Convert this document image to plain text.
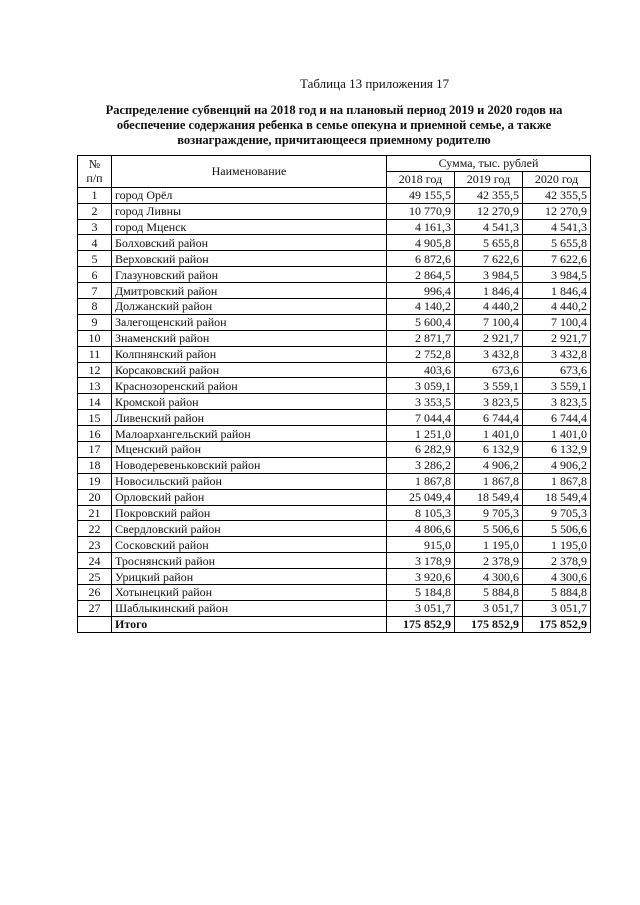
Таблица 13 приложения 17
Распределение субвенций на 2018 год и на плановый период 2019 и 2020 годов на
обеспечение содержания ребенка в семье опекуна и приемной семье, а также
вознаграждение, причитающееся приемному родителю
№
п/п	Наименование	Сумма, тыс. рублей		
		2018 год	2019 год	2020 год
1	город Орёл	49 155,5	42 355,5	42 355,5
2	город Ливны	10 770,9	12 270,9	12 270,9
3	город Мценск	4 161,3	4 541,3	4 541,3
4	Болховский район	4 905,8	5 655,8	5 655,8
5	Верховский район	6 872,6	7 622,6	7 622,6
6	Глазуновский район	2 864,5	3 984,5	3 984,5
7	Дмитровский район	996,4	1 846,4	1 846,4
8	Должанский район	4 140,2	4 440,2	4 440,2
9	Залегощенский район	5 600,4	7 100,4	7 100,4
10	Знаменский район	2 871,7	2 921,7	2 921,7
11	Колпнянский район	2 752,8	3 432,8	3 432,8
12	Корсаковский район	403,6	673,6	673,6
13	Краснозоренский район	3 059,1	3 559,1	3 559,1
14	Кромской район	3 353,5	3 823,5	3 823,5
15	Ливенский район	7 044,4	6 744,4	6 744,4
16	Малоархангельский район	1 251,0	1 401,0	1 401,0
17	Мценский район	6 282,9	6 132,9	6 132,9
18	Новодеревеньковский район	3 286,2	4 906,2	4 906,2
19	Новосильский район	1 867,8	1 867,8	1 867,8
20	Орловский район	25 049,4	18 549,4	18 549,4
21	Покровский район	8 105,3	9 705,3	9 705,3
22	Свердловский район	4 806,6	5 506,6	5 506,6
23	Сосковский район	915,0	1 195,0	1 195,0
24	Троснянский район	3 178,9	2 378,9	2 378,9
25	Урицкий район	3 920,6	4 300,6	4 300,6
26	Хотынецкий район	5 184,8	5 884,8	5 884,8
27	Шаблыкинский район	3 051,7	3 051,7	3 051,7
	Итого	175 852,9	175 852,9	175 852,9
